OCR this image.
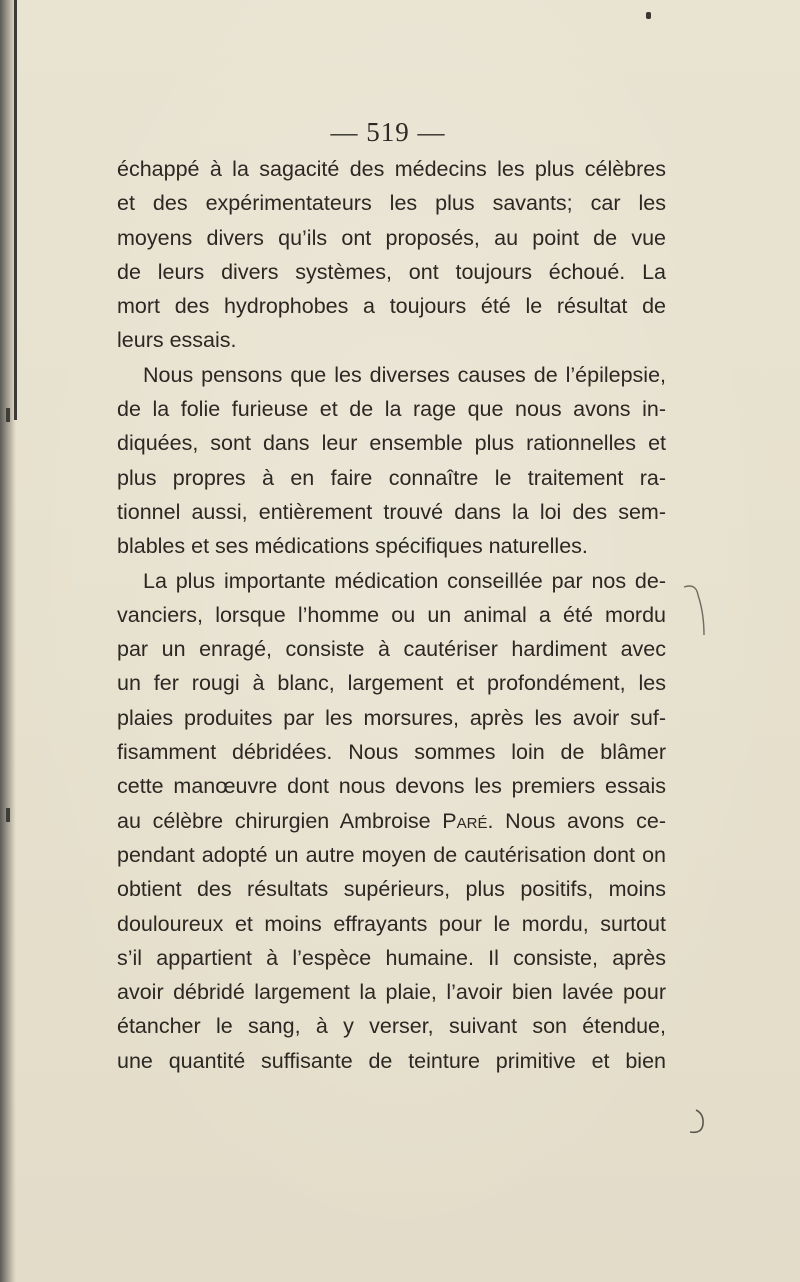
— 519 —
échappé à la sagacité des médecins les plus célèbres
et des expérimentateurs les plus savants; car les
moyens divers qu’ils ont proposés, au point de vue
de leurs divers systèmes, ont toujours échoué. La
mort des hydrophobes a toujours été le résultat de
leurs essais.
Nous pensons que les diverses causes de l’épilepsie,
de la folie furieuse et de la rage que nous avons in-
diquées, sont dans leur ensemble plus rationnelles et
plus propres à en faire connaître le traitement ra-
tionnel aussi, entièrement trouvé dans la loi des sem-
blables et ses médications spécifiques naturelles.
La plus importante médication conseillée par nos de-
vanciers, lorsque l’homme ou un animal a été mordu
par un enragé, consiste à cautériser hardiment avec
un fer rougi à blanc, largement et profondément, les
plaies produites par les morsures, après les avoir suf-
fisamment débridées. Nous sommes loin de blâmer
cette manœuvre dont nous devons les premiers essais
au célèbre chirurgien Ambroise Paré. Nous avons ce-
pendant adopté un autre moyen de cautérisation dont on
obtient des résultats supérieurs, plus positifs, moins
douloureux et moins effrayants pour le mordu, surtout
s’il appartient à l’espèce humaine. Il consiste, après
avoir débridé largement la plaie, l’avoir bien lavée pour
étancher le sang, à y verser, suivant son étendue,
une quantité suffisante de teinture primitive et bien
